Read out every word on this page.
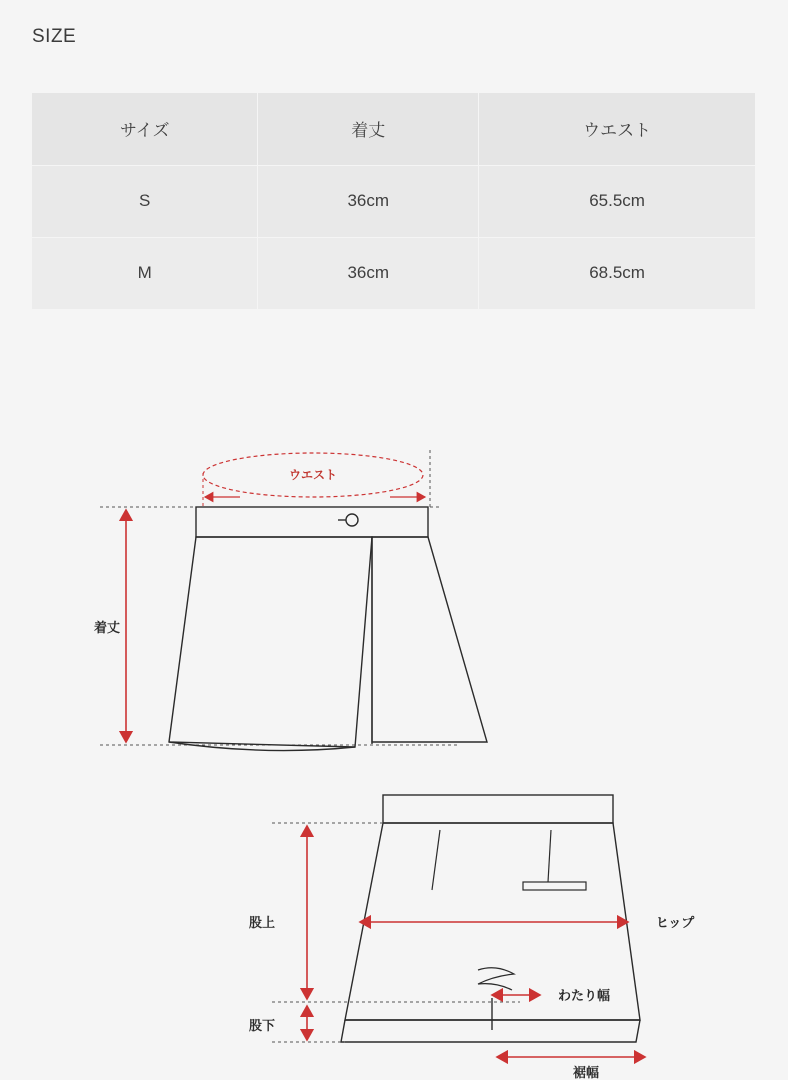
SIZE
サイズ	着丈	ウエスト
S	36cm	65.5cm
M	36cm	68.5cm
ウエスト
着丈
股上
股下
ヒップ
わたり幅
裾幅
